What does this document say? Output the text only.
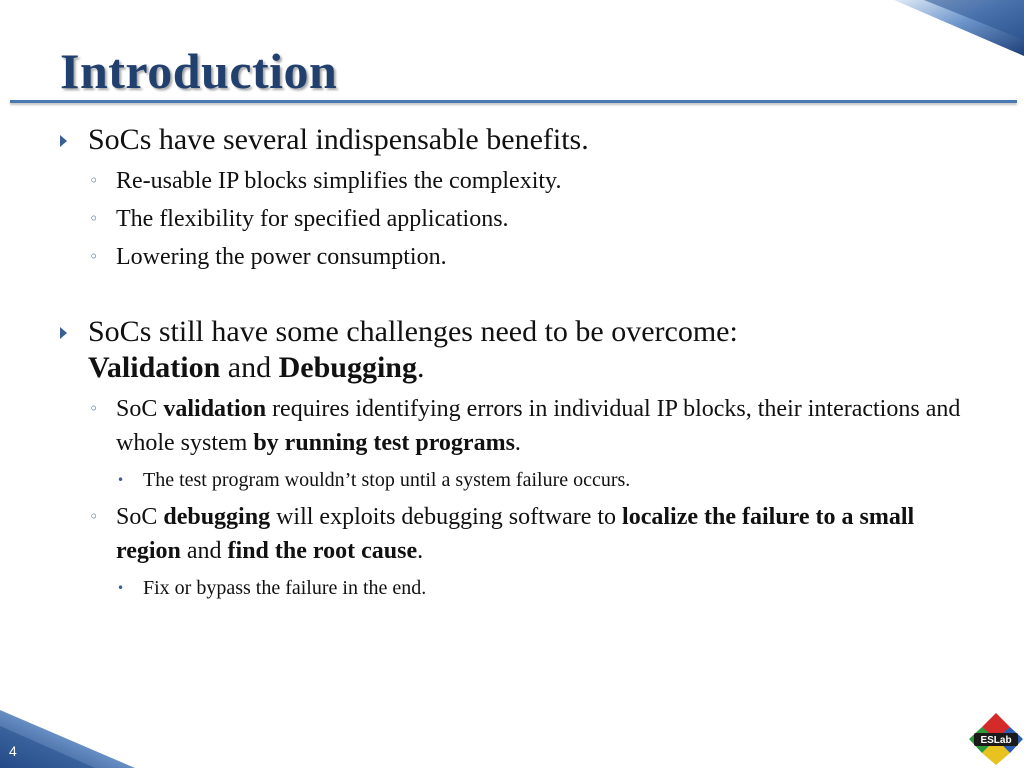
Introduction
SoCs have several indispensable benefits.
◦ Re-usable IP blocks simplifies the complexity.
◦ The flexibility for specified applications.
◦ Lowering the power consumption.
SoCs still have some challenges need to be overcome:
Validation and Debugging.
◦ SoC validation requires identifying errors in individual IP blocks, their interactions and whole system by running test programs.
• The test program wouldn’t stop until a system failure occurs.
◦ SoC debugging will exploits debugging software to localize the failure to a small region and find the root cause.
• Fix or bypass the failure in the end.
4
ESLab
